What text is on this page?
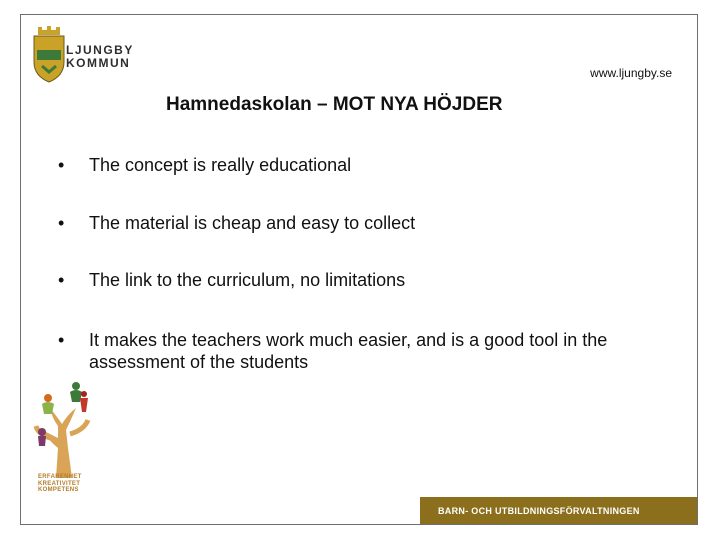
LJUNGBY
KOMMUN
www.ljungby.se
Hamnedaskolan – MOT NYA HÖJDER
• The concept is really educational
• The material is cheap and easy to collect
• The link to the curriculum, no limitations
• It makes the teachers work much easier, and is a good tool in the assessment of the students
ERFARENHET
KREATIVITET
KOMPETENS
BARN- OCH UTBILDNINGSFÖRVALTNINGEN
